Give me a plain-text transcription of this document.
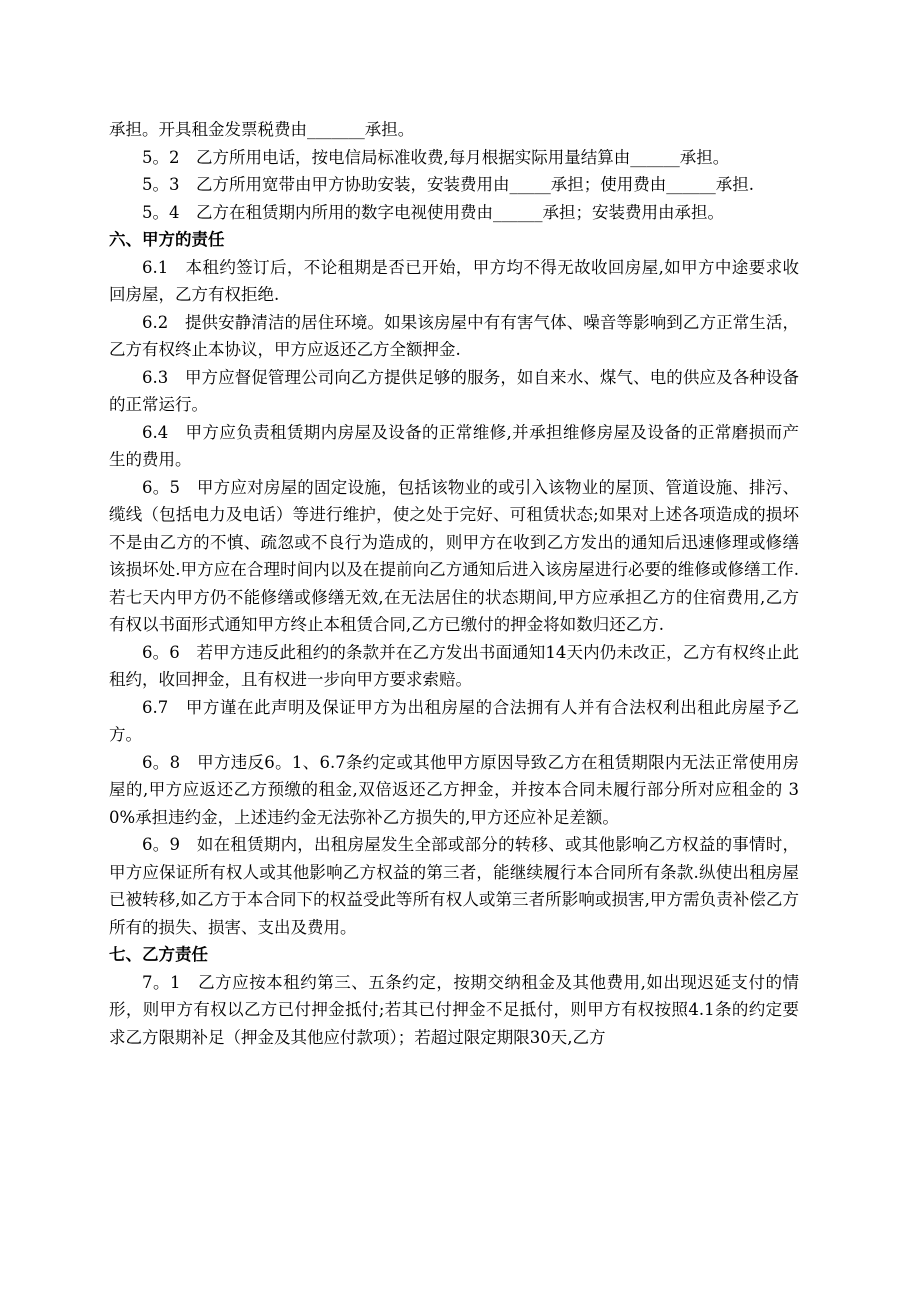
承担。开具租金发票税费由_______承担。

5。2　乙方所用电话，按电信局标准收费,每月根据实际用量结算由______承担。

5。3　乙方所用宽带由甲方协助安装，安装费用由_____承担；使用费由______承担.

5。4　乙方在租赁期内所用的数字电视使用费由______承担；安装费用由承担。

六、甲方的责任

6.1　本租约签订后，不论租期是否已开始，甲方均不得无故收回房屋,如甲方中途要求收回房屋，乙方有权拒绝.

6.2　提供安静清洁的居住环境。如果该房屋中有有害气体、噪音等影响到乙方正常生活，乙方有权终止本协议，甲方应返还乙方全额押金.

6.3　甲方应督促管理公司向乙方提供足够的服务，如自来水、煤气、电的供应及各种设备的正常运行。

6.4　甲方应负责租赁期内房屋及设备的正常维修,并承担维修房屋及设备的正常磨损而产生的费用。

6。5　甲方应对房屋的固定设施，包括该物业的或引入该物业的屋顶、管道设施、排污、缆线（包括电力及电话）等进行维护，使之处于完好、可租赁状态;如果对上述各项造成的损坏不是由乙方的不慎、疏忽或不良行为造成的，则甲方在收到乙方发出的通知后迅速修理或修缮该损坏处.甲方应在合理时间内以及在提前向乙方通知后进入该房屋进行必要的维修或修缮工作.若七天内甲方仍不能修缮或修缮无效,在无法居住的状态期间,甲方应承担乙方的住宿费用,乙方有权以书面形式通知甲方终止本租赁合同,乙方已缴付的押金将如数归还乙方.

6。6　若甲方违反此租约的条款并在乙方发出书面通知14天内仍未改正，乙方有权终止此租约，收回押金，且有权进一步向甲方要求索赔。

6.7　甲方谨在此声明及保证甲方为出租房屋的合法拥有人并有合法权利出租此房屋予乙方。

6。8　甲方违反6。1、6.7条约定或其他甲方原因导致乙方在租赁期限内无法正常使用房屋的,甲方应返还乙方预缴的租金,双倍返还乙方押金，并按本合同未履行部分所对应租金的 30%承担违约金，上述违约金无法弥补乙方损失的,甲方还应补足差额。

6。9　如在租赁期内，出租房屋发生全部或部分的转移、或其他影响乙方权益的事情时，甲方应保证所有权人或其他影响乙方权益的第三者，能继续履行本合同所有条款.纵使出租房屋已被转移,如乙方于本合同下的权益受此等所有权人或第三者所影响或损害,甲方需负责补偿乙方所有的损失、损害、支出及费用。

七、乙方责任

7。1　乙方应按本租约第三、五条约定，按期交纳租金及其他费用,如出现迟延支付的情形，则甲方有权以乙方已付押金抵付;若其已付押金不足抵付，则甲方有权按照4.1条的约定要求乙方限期补足（押金及其他应付款项）；若超过限定期限30天,乙方
